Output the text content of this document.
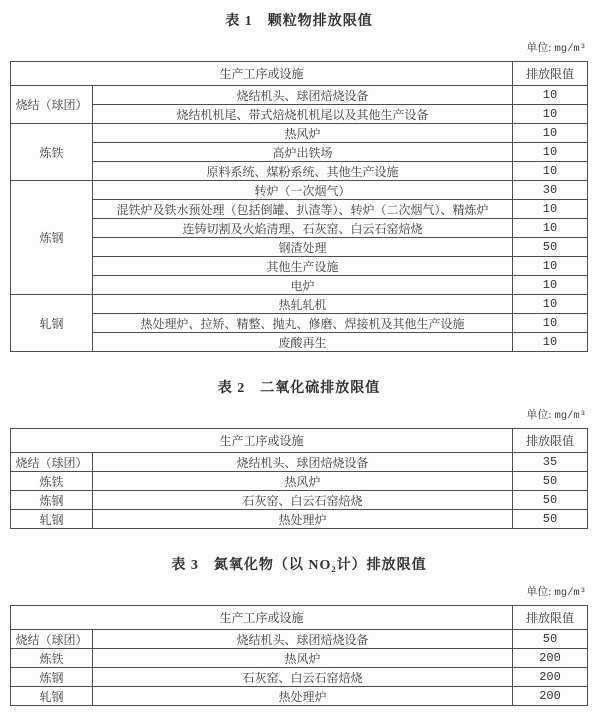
表 1　颗粒物排放限值
单位: mg/m³
生产工序或设施		排放限值
烧结（球团）	烧结机头、球团焙烧设备	10
	烧结机机尾、带式焙烧机机尾以及其他生产设备	10
炼铁	热风炉	10
	高炉出铁场	10
	原料系统、煤粉系统、其他生产设施	10
炼钢	转炉（一次烟气）	30
	混铁炉及铁水预处理（包括倒罐、扒渣等）、转炉（二次烟气）、精炼炉	10
	连铸切割及火焰清理、石灰窑、白云石窑焙烧	10
	钢渣处理	50
	其他生产设施	10
	电炉	10
轧钢	热轧轧机	10
	热处理炉、拉矫、精整、抛丸、修磨、焊接机及其他生产设施	10
	废酸再生	10
表 2　二氧化硫排放限值
单位: mg/m³
生产工序或设施		排放限值
烧结（球团）	烧结机头、球团焙烧设备	35
炼铁	热风炉	50
炼钢	石灰窑、白云石窑焙烧	50
轧钢	热处理炉	50
表 3　氮氧化物（以 NO₂计）排放限值
单位: mg/m³
生产工序或设施		排放限值
烧结（球团）	烧结机头、球团焙烧设备	50
炼铁	热风炉	200
炼钢	石灰窑、白云石窑焙烧	200
轧钢	热处理炉	200
